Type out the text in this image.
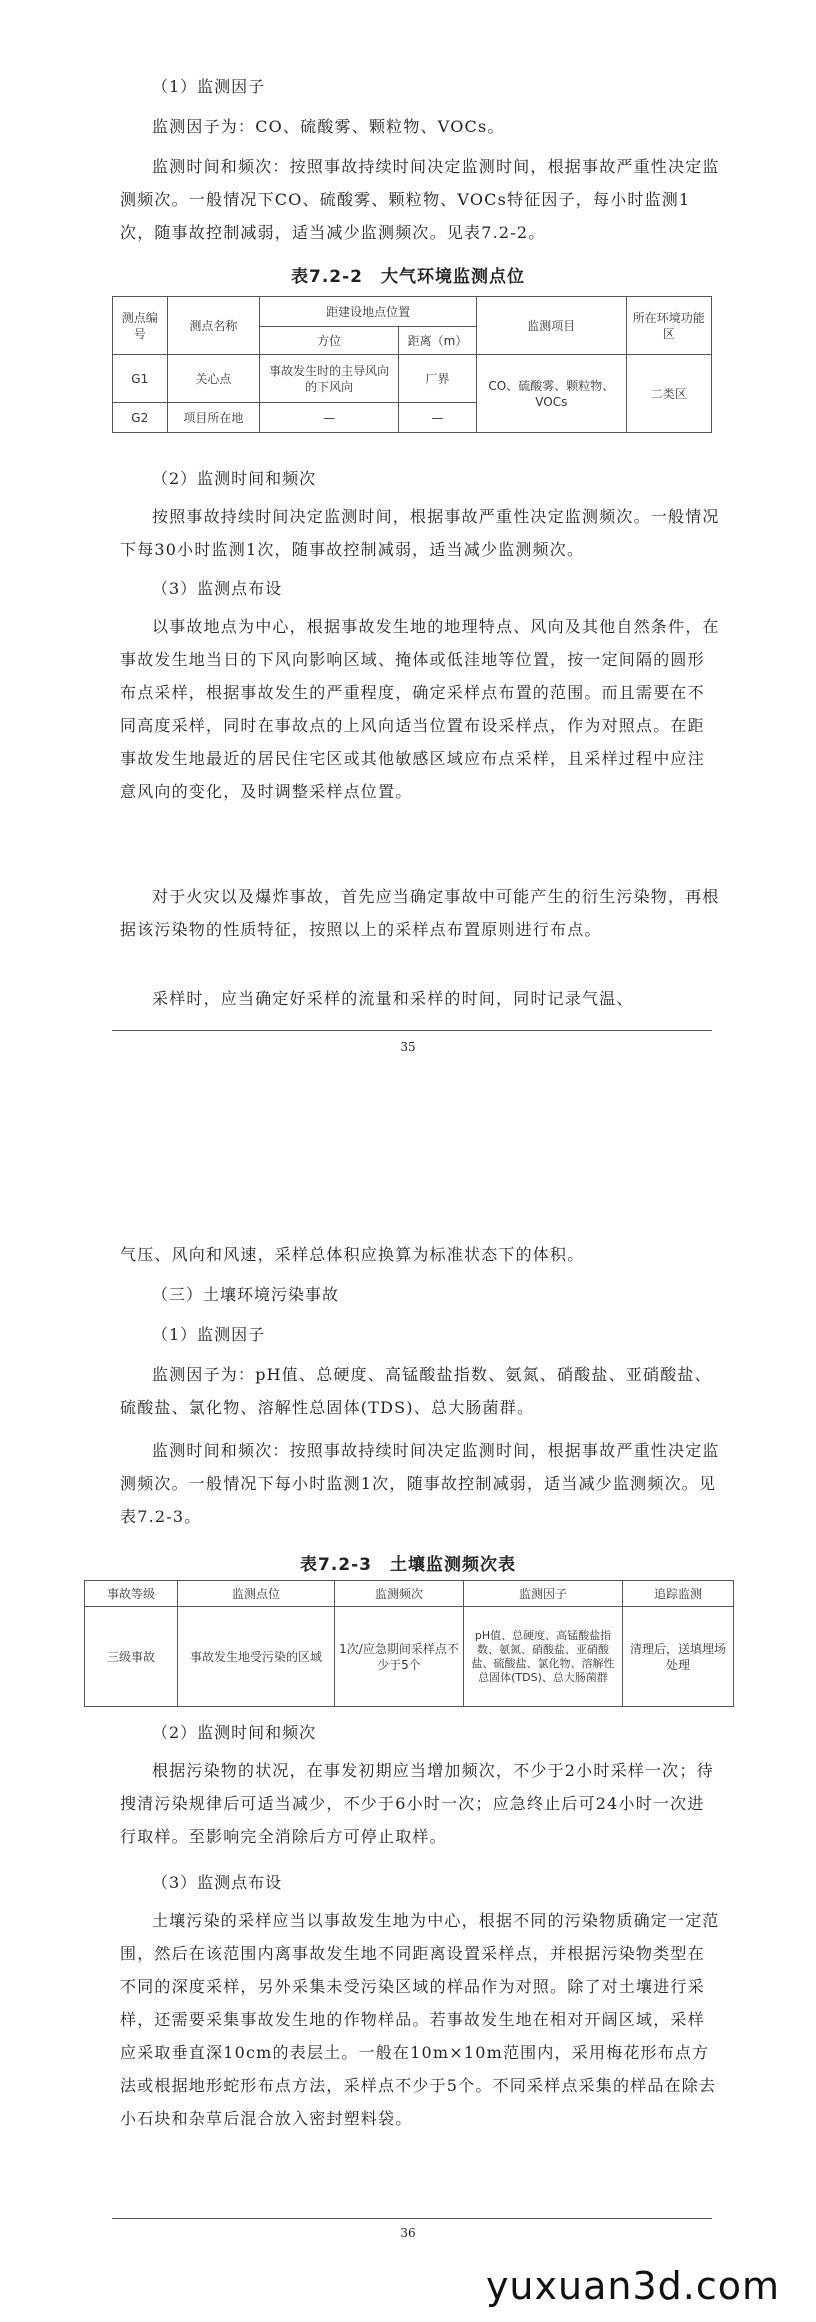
（1）监测因子

监测因子为：CO、硫酸雾、颗粒物、VOCs。

监测时间和频次：按照事故持续时间决定监测时间，根据事故严重性决定监测频次。一般情况下CO、硫酸雾、颗粒物、VOCs特征因子，每小时监测1次，随事故控制减弱，适当减少监测频次。见表7.2-2。

表7.2-2　大气环境监测点位
测点编号	测点名称	距建设地点位置		监测项目	所在环境功能区
		方位	距离（m）		
G1	关心点	事故发生时的主导风向的下风向	厂界	CO、硫酸雾、颗粒物、VOCs	二类区
G2	项目所在地	—	—		

（2）监测时间和频次

按照事故持续时间决定监测时间，根据事故严重性决定监测频次。一般情况下每30小时监测1次，随事故控制减弱，适当减少监测频次。

（3）监测点布设

以事故地点为中心，根据事故发生地的地理特点、风向及其他自然条件，在事故发生地当日的下风向影响区域、掩体或低洼地等位置，按一定间隔的圆形布点采样，根据事故发生的严重程度，确定采样点布置的范围。而且需要在不同高度采样，同时在事故点的上风向适当位置布设采样点，作为对照点。在距事故发生地最近的居民住宅区或其他敏感区域应布点采样，且采样过程中应注意风向的变化，及时调整采样点位置。

对于火灾以及爆炸事故，首先应当确定事故中可能产生的衍生污染物，再根据该污染物的性质特征，按照以上的采样点布置原则进行布点。

采样时，应当确定好采样的流量和采样的时间，同时记录气温、

35

气压、风向和风速，采样总体积应换算为标准状态下的体积。

（三）土壤环境污染事故

（1）监测因子

监测因子为：pH值、总硬度、高锰酸盐指数、氨氮、硝酸盐、亚硝酸盐、硫酸盐、氯化物、溶解性总固体(TDS)、总大肠菌群。

监测时间和频次：按照事故持续时间决定监测时间，根据事故严重性决定监测频次。一般情况下每小时监测1次，随事故控制减弱，适当减少监测频次。见表7.2-3。

表7.2-3　土壤监测频次表
事故等级	监测点位	监测频次	监测因子	追踪监测
三级事故	事故发生地受污染的区域	1次/应急期间采样点不少于5个	pH值、总硬度、高锰酸盐指数、氨氮、硝酸盐、亚硝酸盐、硫酸盐、氯化物、溶解性总固体(TDS)、总大肠菌群	清理后，送填埋场处理

（2）监测时间和频次

根据污染物的状况，在事发初期应当增加频次，不少于2小时采样一次；待搜清污染规律后可适当减少，不少于6小时一次；应急终止后可24小时一次进行取样。至影响完全消除后方可停止取样。

（3）监测点布设

土壤污染的采样应当以事故发生地为中心，根据不同的污染物质确定一定范围，然后在该范围内离事故发生地不同距离设置采样点，并根据污染物类型在不同的深度采样，另外采集未受污染区域的样品作为对照。除了对土壤进行采样，还需要采集事故发生地的作物样品。若事故发生地在相对开阔区域，采样应采取垂直深10cm的表层土。一般在10m×10m范围内，采用梅花形布点方法或根据地形蛇形布点方法，采样点不少于5个。不同采样点采集的样品在除去小石块和杂草后混合放入密封塑料袋。

36
yuxuan3d.com
